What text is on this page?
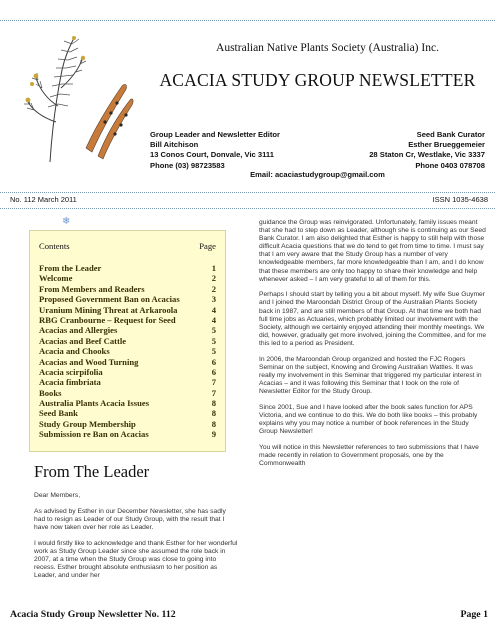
Australian Native Plants Society (Australia) Inc.
ACACIA STUDY GROUP NEWSLETTER
Group Leader and Newsletter Editor
Bill Aitchison
13 Conos Court, Donvale, Vic 3111
Phone (03) 98723583
Seed Bank Curator
Esther Brueggemeier
28 Staton Cr, Westlake, Vic 3337
Phone 0403 078708
Email: acaciastudygroup@gmail.com
No. 112 March 2011	ISSN 1035-4638
❄
Contents	Page
From the Leader	1
Welcome	2
From Members and Readers	2
Proposed Government Ban on Acacias	3
Uranium Mining Threat at Arkaroola	4
RBG Cranbourne – Request for Seed	4
Acacias and Allergies	5
Acacias and Beef Cattle	5
Acacia and Chooks	5
Acacias and Wood Turning	6
Acacia scirpifolia	6
Acacia fimbriata	7
Books	7
Australia Plants Acacia Issues	8
Seed Bank	8
Study Group Membership	8
Submission re Ban on Acacias	9
From The Leader

Dear Members,

As advised by Esther in our December Newsletter, she has sadly had to resign as Leader of our Study Group, with the result that I have now taken over her role as Leader.

I would firstly like to acknowledge and thank Esther for her wonderful work as Study Group Leader since she assumed the role back in 2007, at a time when the Study Group was close to going into recess. Esther brought absolute enthusiasm to her position as Leader, and under her

guidance the Group was reinvigorated. Unfortunately, family issues meant that she had to step down as Leader, although she is continuing as our Seed Bank Curator. I am also delighted that Esther is happy to still help with those difficult Acacia questions that we do tend to get from time to time. I must say that I am very aware that the Study Group has a number of very knowledgeable members, far more knowledgeable than I am, and I do know that these members are only too happy to share their knowledge and help whenever asked – I am very grateful to all of them for this.

Perhaps I should start by telling you a bit about myself. My wife Sue Guymer and I joined the Maroondah District Group of the Australian Plants Society back in 1987, and are still members of that Group. At that time we both had full time jobs as Actuaries, which probably limited our involvement with the Society, although we certainly enjoyed attending their monthly meetings. We did, however, gradually get more involved, joining the Committee, and for me this led to a period as President.

In 2006, the Maroondah Group organized and hosted the FJC Rogers Seminar on the subject, Knowing and Growing Australian Wattles. It was really my involvement in this Seminar that triggered my particular interest in Acacias – and it was following this Seminar that I took on the role of Newsletter Editor for the Study Group.

Since 2001, Sue and I have looked after the book sales function for APS Victoria, and we continue to do this. We do both like books – this probably explains why you may notice a number of book references in the Study Group Newsletter!

You will notice in this Newsletter references to two submissions that I have made recently in relation to Government proposals, one by the Commonwealth

Acacia Study Group Newsletter No. 112	Page 1
